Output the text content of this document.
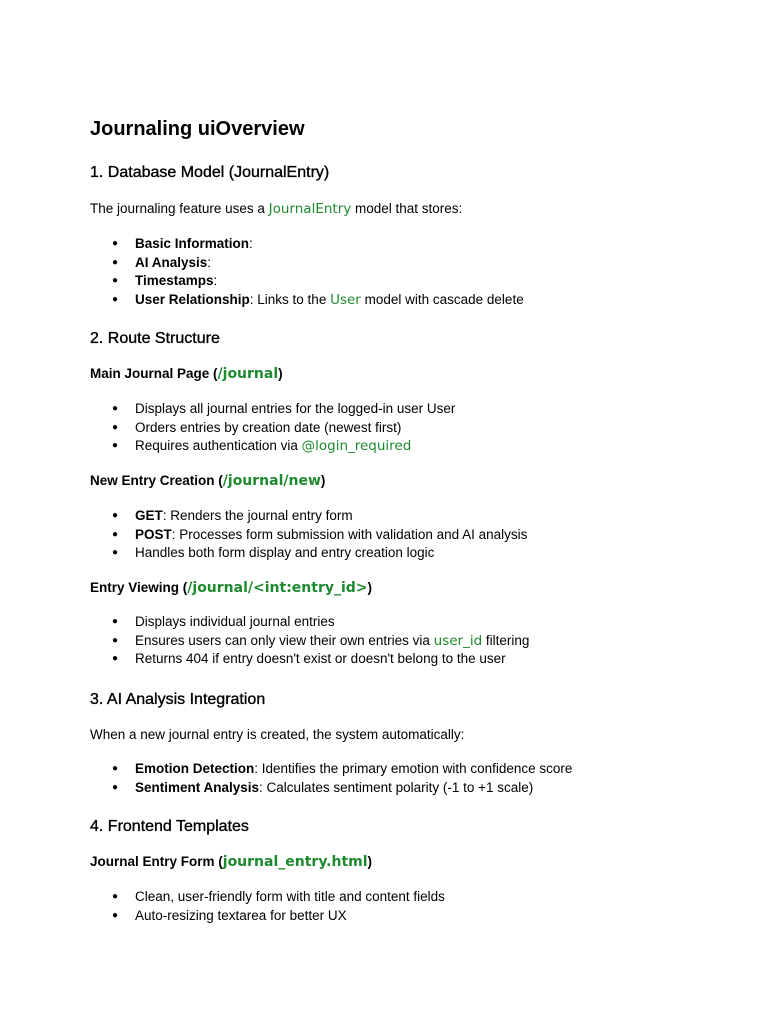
Journaling uiOverview
1. Database Model (JournalEntry)

The journaling feature uses a JournalEntry model that stores:

● Basic Information:
● AI Analysis:
● Timestamps:
● User Relationship: Links to the User model with cascade delete
2. Route Structure
Main Journal Page (/journal)
● Displays all journal entries for the logged-in user User
● Orders entries by creation date (newest first)
● Requires authentication via @login_required
New Entry Creation (/journal/new)
● GET: Renders the journal entry form
● POST: Processes form submission with validation and AI analysis
● Handles both form display and entry creation logic
Entry Viewing (/journal/<int:entry_id>)
● Displays individual journal entries
● Ensures users can only view their own entries via user_id filtering
● Returns 404 if entry doesn't exist or doesn't belong to the user
3. AI Analysis Integration

When a new journal entry is created, the system automatically:

● Emotion Detection: Identifies the primary emotion with confidence score
● Sentiment Analysis: Calculates sentiment polarity (-1 to +1 scale)
4. Frontend Templates
Journal Entry Form (journal_entry.html)
● Clean, user-friendly form with title and content fields
● Auto-resizing textarea for better UX
